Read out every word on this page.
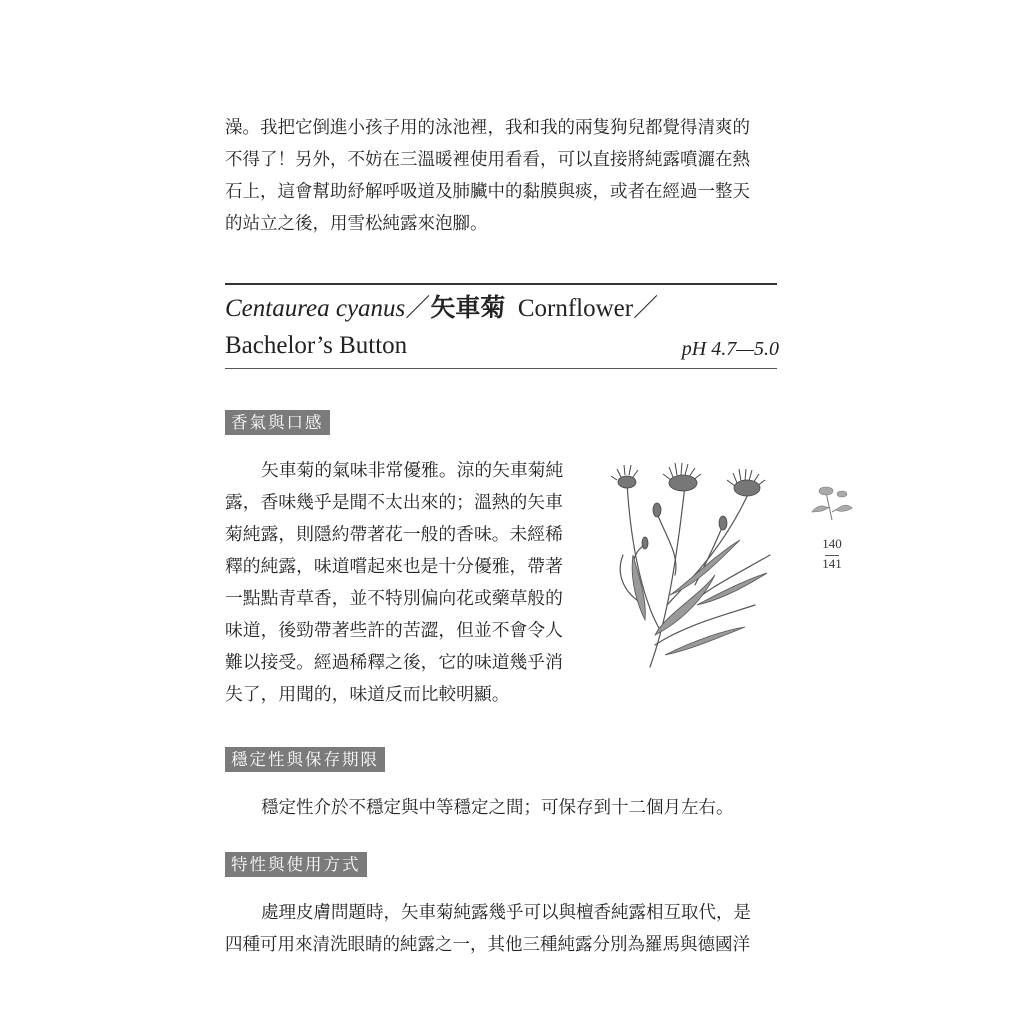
澡。我把它倒進小孩子用的泳池裡，我和我的兩隻狗兒都覺得清爽的

不得了！另外，不妨在三溫暖裡使用看看，可以直接將純露噴灑在熱

石上，這會幫助紓解呼吸道及肺臟中的黏膜與痰，或者在經過一整天

的站立之後，用雪松純露來泡腳。

Centaurea cyanus／矢車菊 Cornflower／
Bachelor’s Button	pH 4.7—5.0
香氣與口感

矢車菊的氣味非常優雅。涼的矢車菊純

露，香味幾乎是聞不太出來的；溫熱的矢車

菊純露，則隱約帶著花一般的香味。未經稀

釋的純露，味道嚐起來也是十分優雅，帶著

一點點青草香，並不特別偏向花或藥草般的

味道，後勁帶著些許的苦澀，但並不會令人

難以接受。經過稀釋之後，它的味道幾乎消

失了，用聞的，味道反而比較明顯。

140
141
穩定性與保存期限

穩定性介於不穩定與中等穩定之間；可保存到十二個月左右。

特性與使用方式

處理皮膚問題時，矢車菊純露幾乎可以與檀香純露相互取代，是

四種可用來清洗眼睛的純露之一，其他三種純露分別為羅馬與德國洋
